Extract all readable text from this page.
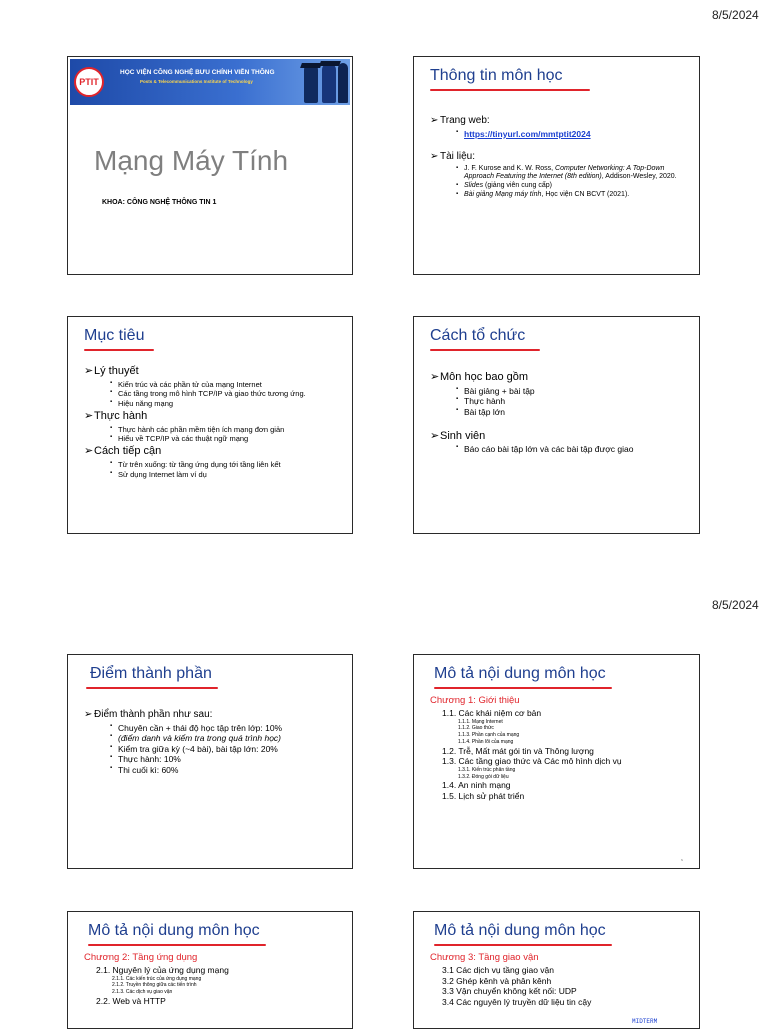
8/5/2024
8/5/2024
PTIT
HỌC VIỆN CÔNG NGHỆ BƯU CHÍNH VIỄN THÔNG
Posts & Telecommunications Institute of Technology
Mạng Máy Tính
KHOA: CÔNG NGHỆ THÔNG TIN 1
Thông tin môn học
➢ Trang web:
▪ https://tinyurl.com/mmtptit2024
➢ Tài liệu:
▪ J. F. Kurose and K. W. Ross, Computer Networking: A Top-Down Approach Featuring the Internet (8th edition), Addison-Wesley, 2020.
▪ Slides (giảng viên cung cấp)
▪ Bài giảng Mạng máy tính, Học viện CN BCVT (2021).
Mục tiêu
➢Lý thuyết
▪ Kiến trúc và các phần tử của mạng Internet
▪ Các tầng trong mô hình TCP/IP và giao thức tương ứng.
▪ Hiệu năng mạng
➢Thực hành
▪ Thực hành các phần mềm tiện ích mạng đơn giản
▪ Hiểu về TCP/IP và các thuật ngữ mạng
➢Cách tiếp cận
▪ Từ trên xuống: từ tầng ứng dụng tới tầng liên kết
▪ Sử dụng Internet làm ví dụ
Cách tổ chức
➢Môn học bao gồm
▪ Bài giảng + bài tập
▪ Thực hành
▪ Bài tập lớn
➢Sinh viên
▪ Báo cáo bài tập lớn và các bài tập được giao
Điểm thành phần
➢ Điểm thành phần như sau:
▪ Chuyên cần + thái độ học tập trên lớp: 10%
▪ (điểm danh và kiểm tra trong quá trình học)
▪ Kiểm tra giữa kỳ (~4 bài), bài tập lớn: 20%
▪ Thực hành: 10%
▪ Thi cuối kì: 60%
Mô tả nội dung môn học
Chương 1: Giới thiệu
1.1. Các khái niệm cơ bản
1.1.1. Mạng Internet
1.1.2. Giao thức
1.1.3. Phần cạnh của mạng
1.1.4. Phần lõi của mạng
1.2. Trễ, Mất mát gói tin và Thông lượng
1.3. Các tầng giao thức và Các mô hình dịch vụ
1.3.1. Kiến trúc phân tầng
1.3.2. Đóng gói dữ liệu
1.4. An ninh mạng
1.5. Lịch sử phát triển
s
Mô tả nội dung môn học
Chương 2: Tầng ứng dụng
2.1. Nguyên lý của ứng dụng mạng
2.1.1. Các kiến trúc của ứng dụng mạng
2.1.2. Truyền thông giữa các tiến trình
2.1.3. Các dịch vụ giao vận
2.2. Web và HTTP
Mô tả nội dung môn học
Chương 3: Tầng giao vận
3.1 Các dịch vụ tầng giao vận
3.2 Ghép kênh và phân kênh
3.3 Vận chuyển không kết nối: UDP
3.4 Các nguyên lý truyền dữ liệu tin cậy
MIDTERM
